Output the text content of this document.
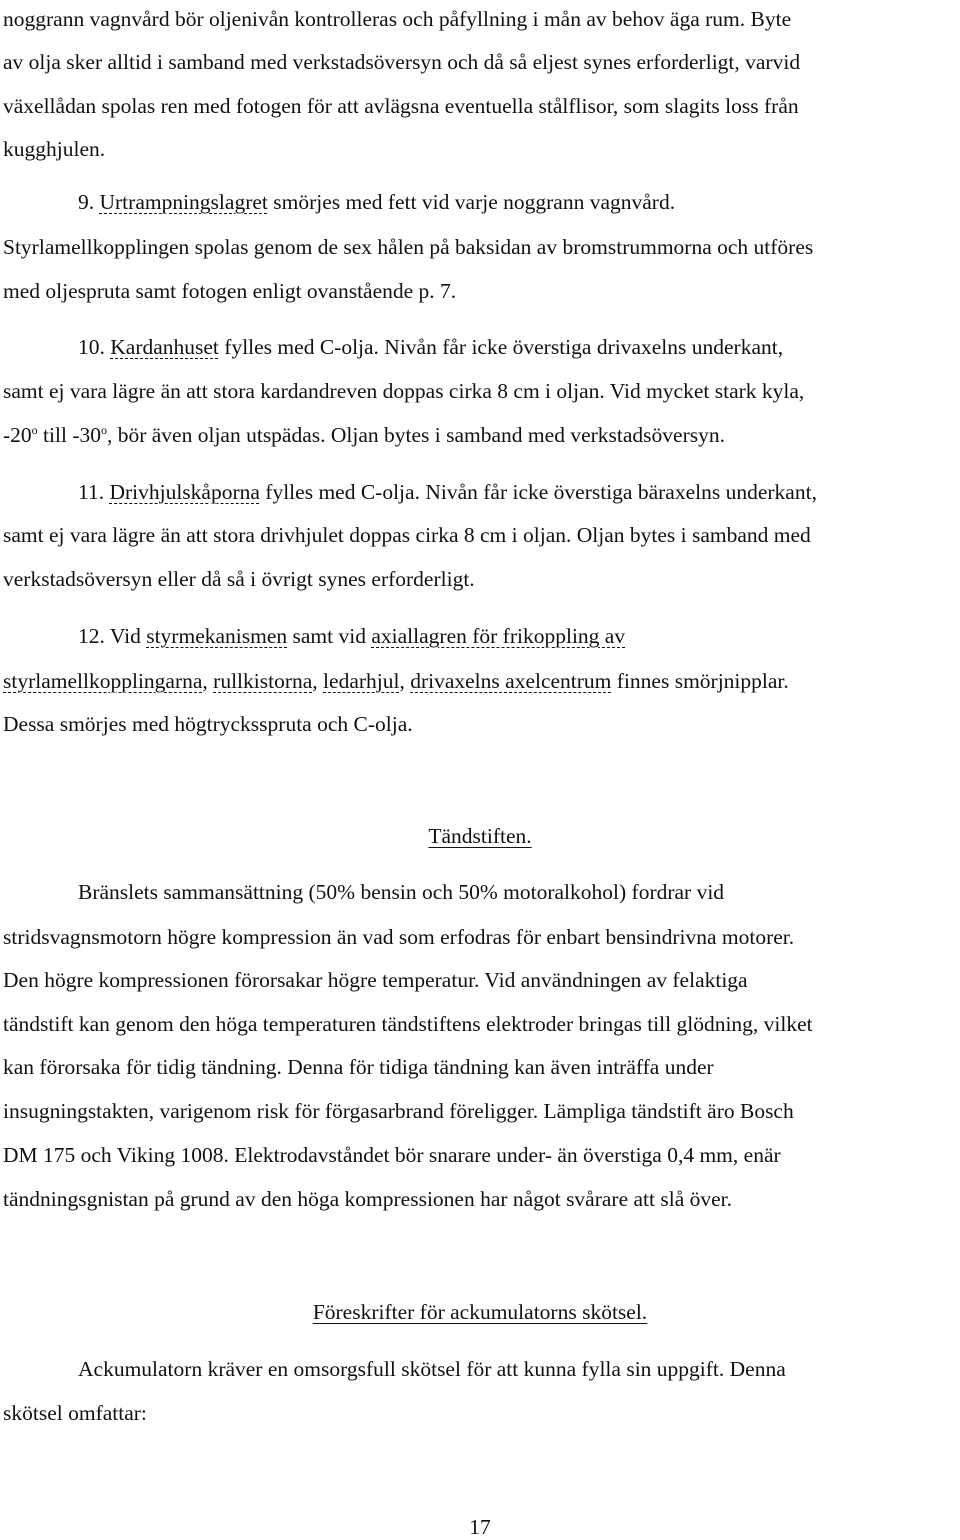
noggrann vagnvård bör oljenivån kontrolleras och påfyllning i mån av behov äga rum. Byte
av olja sker alltid i samband med verkstadsöversyn och då så eljest synes erforderligt, varvid
växellådan spolas ren med fotogen för att avlägsna eventuella stålflisor, som slagits loss från
kugghjulen.
9. Urtrampningslagret smörjes med fett vid varje noggrann vagnvård.
Styrlamellkopplingen spolas genom de sex hålen på baksidan av bromstrummorna och utföres
med oljespruta samt fotogen enligt ovanstående p. 7.
10. Kardanhuset fylles med C-olja. Nivån får icke överstiga drivaxelns underkant,
samt ej vara lägre än att stora kardandreven doppas cirka 8 cm i oljan. Vid mycket stark kyla,
-20$^o$ till -30$^o$, bör även oljan utspädas. Oljan bytes i samband med verkstadsöversyn.
11. Drivhjulskåporna fylles med C-olja. Nivån får icke överstiga bäraxelns underkant,
samt ej vara lägre än att stora drivhjulet doppas cirka 8 cm i oljan. Oljan bytes i samband med
verkstadsöversyn eller då så i övrigt synes erforderligt.
12. Vid styrmekanismen samt vid axiallagren för frikoppling av
styrlamellkopplingarna, rullkistorna, ledarhjul, drivaxelns axelcentrum finnes smörjnipplar.
Dessa smörjes med högtrycksspruta och C-olja.
Tändstiften.
Bränslets sammansättning (50% bensin och 50% motoralkohol) fordrar vid
stridsvagnsmotorn högre kompression än vad som erfodras för enbart bensindrivna motorer.
Den högre kompressionen förorsakar högre temperatur. Vid användningen av felaktiga
tändstift kan genom den höga temperaturen tändstiftens elektroder bringas till glödning, vilket
kan förorsaka för tidig tändning. Denna för tidiga tändning kan även inträffa under
insugningstakten, varigenom risk för förgasarbrand föreligger. Lämpliga tändstift äro Bosch
DM 175 och Viking 1008. Elektrodavståndet bör snarare under- än överstiga 0,4 mm, enär
tändningsgnistan på grund av den höga kompressionen har något svårare att slå över.
Föreskrifter för ackumulatorns skötsel.
Ackumulatorn kräver en omsorgsfull skötsel för att kunna fylla sin uppgift. Denna
skötsel omfattar:
17
